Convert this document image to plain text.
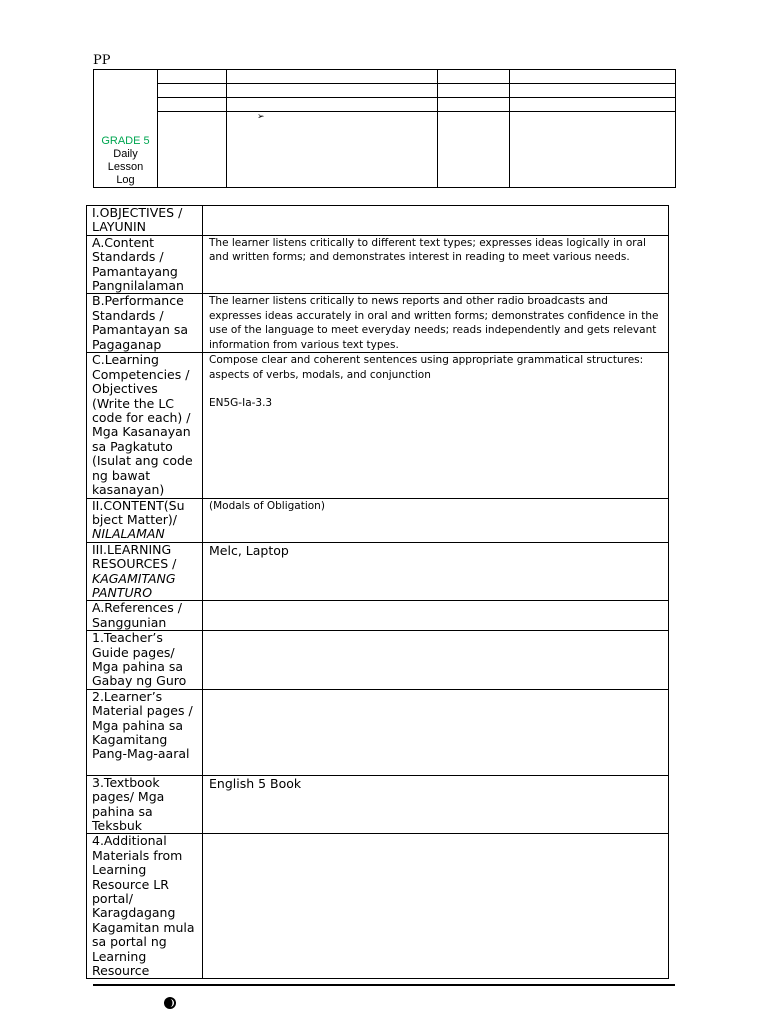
PP
GRADE 5
Daily
Lesson
Log				

		➢		

I.OBJECTIVES / LAYUNIN	
A.Content Standards / Pamantayang Pangnilalaman	The learner listens critically to different text types; expresses ideas logically in oral and written forms; and demonstrates interest in reading to meet various needs.
B.Performance Standards / Pamantayan sa Pagaganap	The learner listens critically to news reports and other radio broadcasts and expresses ideas accurately in oral and written forms; demonstrates confidence in the use of the language to meet everyday needs; reads independently and gets relevant information from various text types.
C.Learning Competencies / Objectives (Write the LC code for each) / Mga Kasanayan sa Pagkatuto (Isulat ang code ng bawat kasanayan)	Compose clear and coherent sentences using appropriate grammatical structures: aspects of verbs, modals, and conjunction
EN5G-Ia-3.3

II.CONTENT(Su bject Matter)/
NILALAMAN	(Modals of Obligation)
III.LEARNING RESOURCES /
KAGAMITANG PANTURO	Melc, Laptop
A.References / Sanggunian	
1.Teacher’s Guide pages/ Mga pahina sa Gabay ng Guro	
2.Learner’s Material pages / Mga pahina sa Kagamitang Pang-Mag-aaral	
3.Textbook pages/ Mga pahina sa Teksbuk	English 5 Book
4.Additional Materials from Learning Resource LR portal/ Karagdagang Kagamitan mula sa portal ng Learning Resource	
